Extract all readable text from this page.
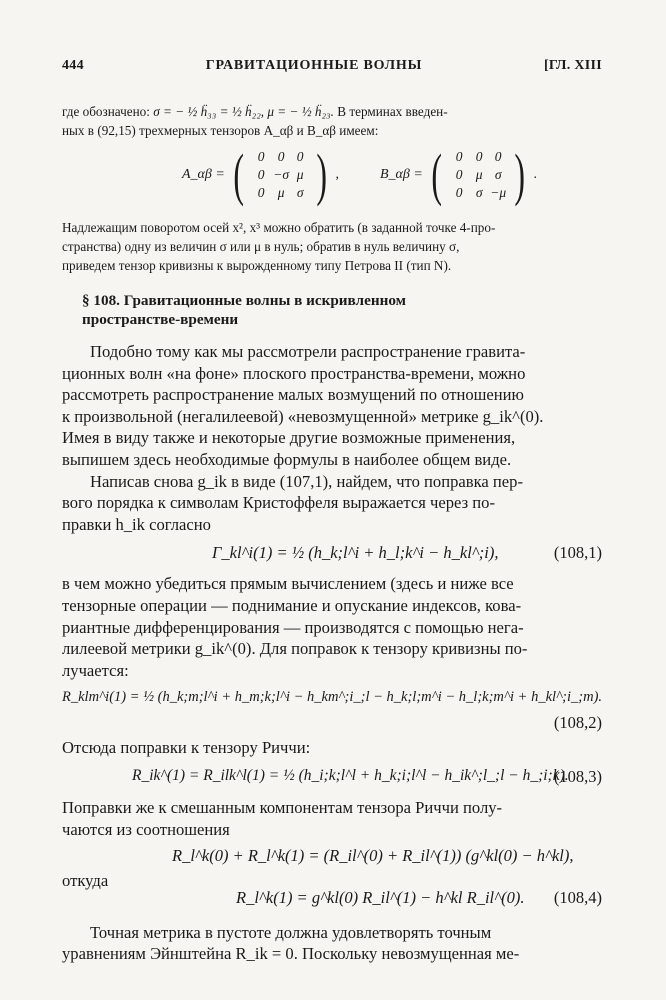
444	ГРАВИТАЦИОННЫЕ ВОЛНЫ	[ГЛ. XIII
где обозначено: σ = − ½ ḧ₃₃ = ½ ḧ₂₂, μ = − ½ ḧ₂₃. В терминах введен-
ных в (92,15) трехмерных тензоров A_αβ и B_αβ имеем:
A_αβ = (	0 0 0
0 −σ μ
0 μ σ ) ,	B_αβ = (	0 0 0
0 μ σ
0 σ −μ ) .
Надлежащим поворотом осей x², x³ можно обратить (в заданной точке 4-про-
странства) одну из величин σ или μ в нуль; обратив в нуль величину σ,
приведем тензор кривизны к вырожденному типу Петрова II (тип N).
§ 108. Гравитационные волны в искривленном
пространстве-времени
Подобно тому как мы рассмотрели распространение гравита-
ционных волн «на фоне» плоского пространства-времени, можно
рассмотреть распространение малых возмущений по отношению
к произвольной (негалилеевой) «невозмущенной» метрике g_ik^(0).
Имея в виду также и некоторые другие возможные применения,
выпишем здесь необходимые формулы в наиболее общем виде.
Написав снова g_ik в виде (107,1), найдем, что поправка пер-
вого порядка к символам Кристоффеля выражается через по-
правки h_ik согласно
Γ_kl^i(1) = ½ (h_k;l^i + h_l;k^i − h_kl^;i),	(108,1)
в чем можно убедиться прямым вычислением (здесь и ниже все
тензорные операции — поднимание и опускание индексов, кова-
риантные дифференцирования — производятся с помощью нега-
лилеевой метрики g_ik^(0). Для поправок к тензору кривизны по-
лучается:
R_klm^i(1) = ½ (h_k;m;l^i + h_m;k;l^i − h_km^;i_;l − h_k;l;m^i − h_l;k;m^i + h_kl^;i_;m).
(108,2)
Отсюда поправки к тензору Риччи:
R_ik^(1) = R_ilk^l(1) = ½ (h_i;k;l^l + h_k;i;l^l − h_ik^;l_;l − h_;i;k).
(108,3)
Поправки же к смешанным компонентам тензора Риччи полу-
чаются из соотношения
R_l^k(0) + R_l^k(1) = (R_il^(0) + R_il^(1)) (g^kl(0) − h^kl),
откуда
R_l^k(1) = g^kl(0) R_il^(1) − h^kl R_il^(0). (108,4)
Точная метрика в пустоте должна удовлетворять точным
уравнениям Эйнштейна R_ik = 0. Поскольку невозмущенная ме-
